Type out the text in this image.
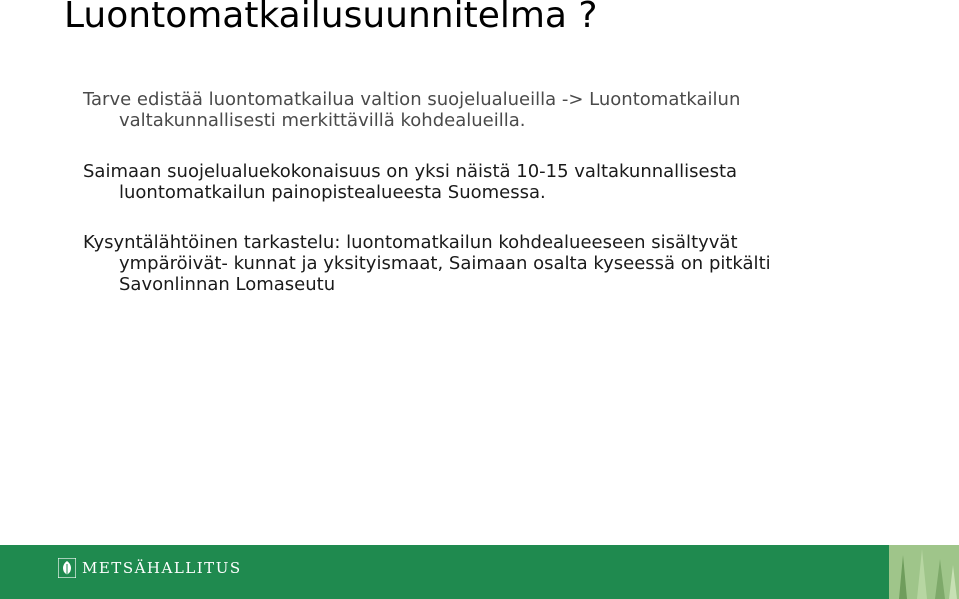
Luontomatkailusuunnitelma ?

Tarve edistää luontomatkailua valtion suojelualueilla -> Luontomatkailun
valtakunnallisesti merkittävillä kohdealueilla.

Saimaan suojelualuekokonaisuus on yksi näistä 10-15 valtakunnallisesta
luontomatkailun painopistealueesta Suomessa.

Kysyntälähtöinen tarkastelu: luontomatkailun kohdealueeseen sisältyvät
ympäröivät- kunnat ja yksityismaat, Saimaan osalta kyseessä on pitkälti
Savonlinnan Lomaseutu

METSÄHALLITUS
